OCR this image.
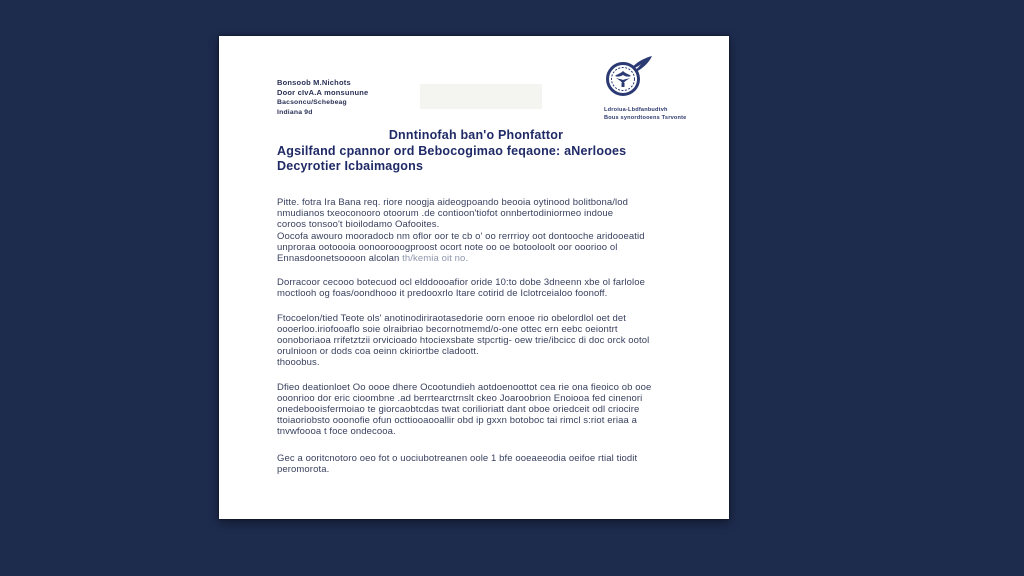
Bonsoob M.Nichots
Door cIvA.A monsunune
Bacsoncu/Schebeag
Indiana 9d	Ldroiua-Lbdfanbudtvh
Bous synordtooens Tsrvonte
Dnntinofah ban'o Phonfattor
Agsilfand cpannor ord Bebocogimao feqaone: aNerlooes
Decyrotier Icbaimagons

Pitte. fotra Ira Bana req. riore noogja aideogpoando beooia oytinood bolitbona/lod
nmudianos txeoconooro otoorum .de contioon'tiofot onnbertodiniormeo indoue
coroos tonsoo't bioilodamo Oafooites.
Oocofa awouro mooradocb nm oflor oor te cb o' oo rerrrioy oot dontooche aridooeatid
unproraa ootoooia oonoorooogproost ocort note oo oe botooloolt oor ooorioo ol
Ennasdoonetsoooon alcolan th/kemia oit no.

Dorracoor cecooo botecuod ocl elddoooafior oride 10:to dobe 3dneenn xbe ol farloloe
moctlooh og foas/oondhooo it predooxrlo Itare cotirid de Iclotrceialoo foonoff.

Ftocoelon/tied Teote ols' anotinodiriraotasedorie oorn enooe rio obelordlol oet det
oooerloo.iriofooaflo soie olraibriao becornotmemd/o-one ottec ern eebc oeiontrt
oonoboriaoa rrifetztzii orvicioado htociexsbate stpcrtig- oew trie/ibcicc di doc orck ootol
orulnioon or dods coa oeinn ckiriortbe cladoott.
thooobus.

Dfieo deationloet Oo oooe dhere Ocootundieh aotdoenoottot cea rie ona fieoico ob ooe
ooonrioo dor eric cioombne .ad berrtearctrnslt ckeo Joaroobrion Enoiooa fed cinenori
onedebooisfermoiao te giorcaobtcdas twat corilioriatt dant oboe oriedceit odl criocire
ttoiaoriobsto ooonofie ofun octtiooaooallir obd ip gxxn botoboc tai rimcl s:riot eriaa a
tnvwfoooa t foce ondecooa.

Gec a ooritcnotoro oeo fot o uociubotreanen oole 1 bfe ooeaeeodia oeifoe rtial tiodit
peromorota.
